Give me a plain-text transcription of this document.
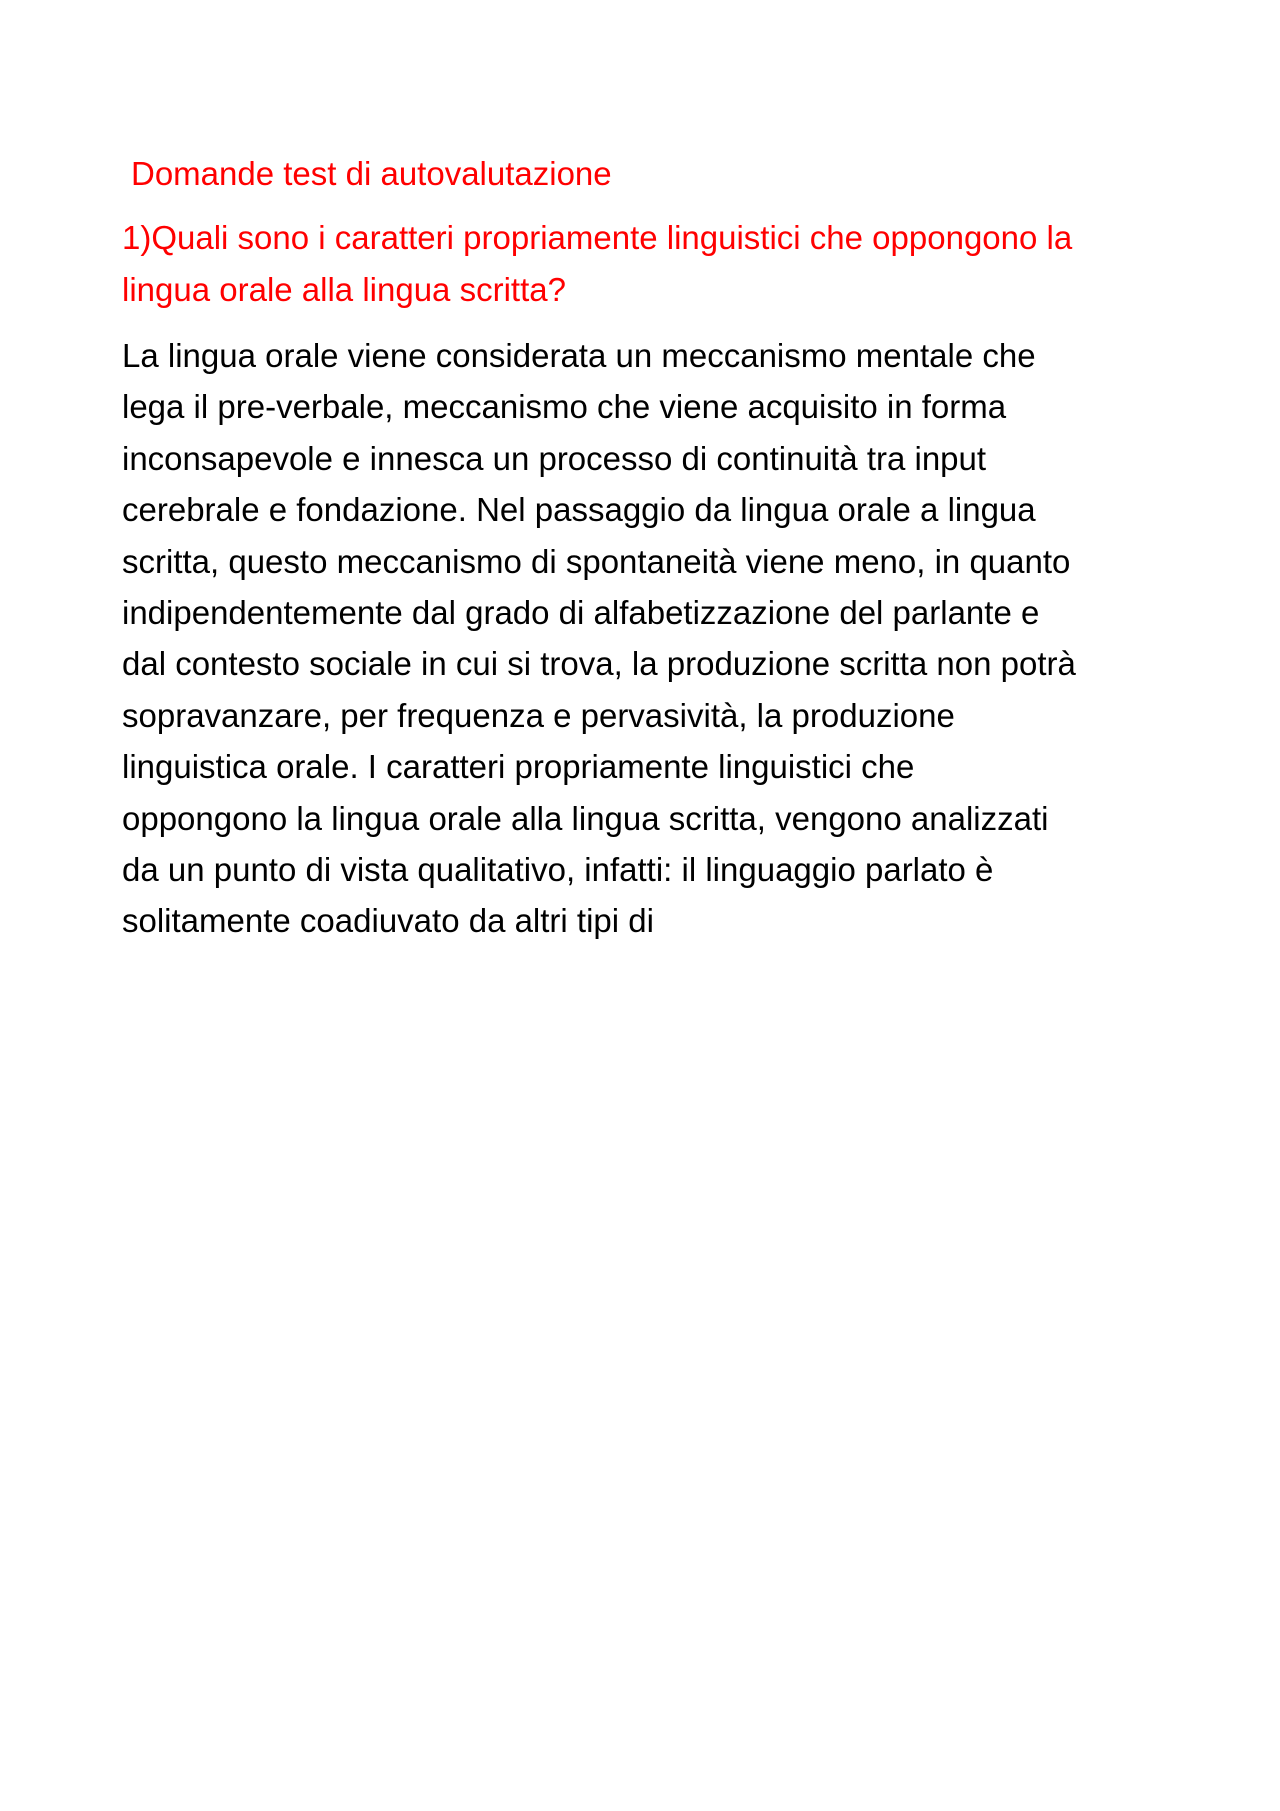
Domande test di autovalutazione

1)Quali sono i caratteri propriamente linguistici che oppongono la
lingua orale alla lingua scritta?

La lingua orale viene considerata un meccanismo mentale che
lega il pre-verbale, meccanismo che viene acquisito in forma
inconsapevole e innesca un processo di continuità tra input
cerebrale e fondazione. Nel passaggio da lingua orale a lingua
scritta, questo meccanismo di spontaneità viene meno, in quanto
indipendentemente dal grado di alfabetizzazione del parlante e
dal contesto sociale in cui si trova, la produzione scritta non potrà
sopravanzare, per frequenza e pervasività, la produzione
linguistica orale. I caratteri propriamente linguistici che
oppongono la lingua orale alla lingua scritta, vengono analizzati
da un punto di vista qualitativo, infatti: il linguaggio parlato è
solitamente coadiuvato da altri tipi di
